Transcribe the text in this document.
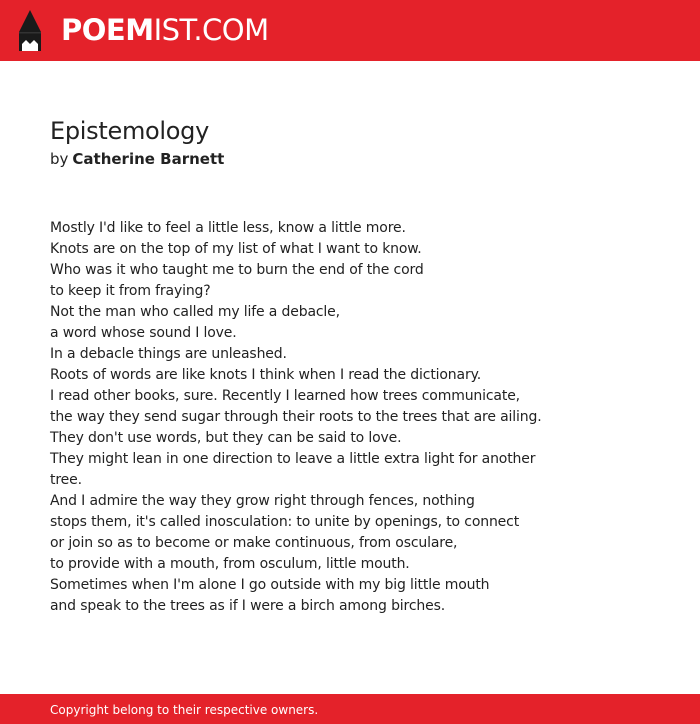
POEMIST.COM
Epistemology
by Catherine Barnett
Mostly I'd like to feel a little less, know a little more.
Knots are on the top of my list of what I want to know.
Who was it who taught me to burn the end of the cord
to keep it from fraying?
Not the man who called my life a debacle,
a word whose sound I love.
In a debacle things are unleashed.
Roots of words are like knots I think when I read the dictionary.
I read other books, sure. Recently I learned how trees communicate,
the way they send sugar through their roots to the trees that are ailing.
They don't use words, but they can be said to love.
They might lean in one direction to leave a little extra light for another
tree.
And I admire the way they grow right through fences, nothing
stops them, it's called inosculation: to unite by openings, to connect
or join so as to become or make continuous, from osculare,
to provide with a mouth, from osculum, little mouth.
Sometimes when I'm alone I go outside with my big little mouth
and speak to the trees as if I were a birch among birches.
Copyright belong to their respective owners.
